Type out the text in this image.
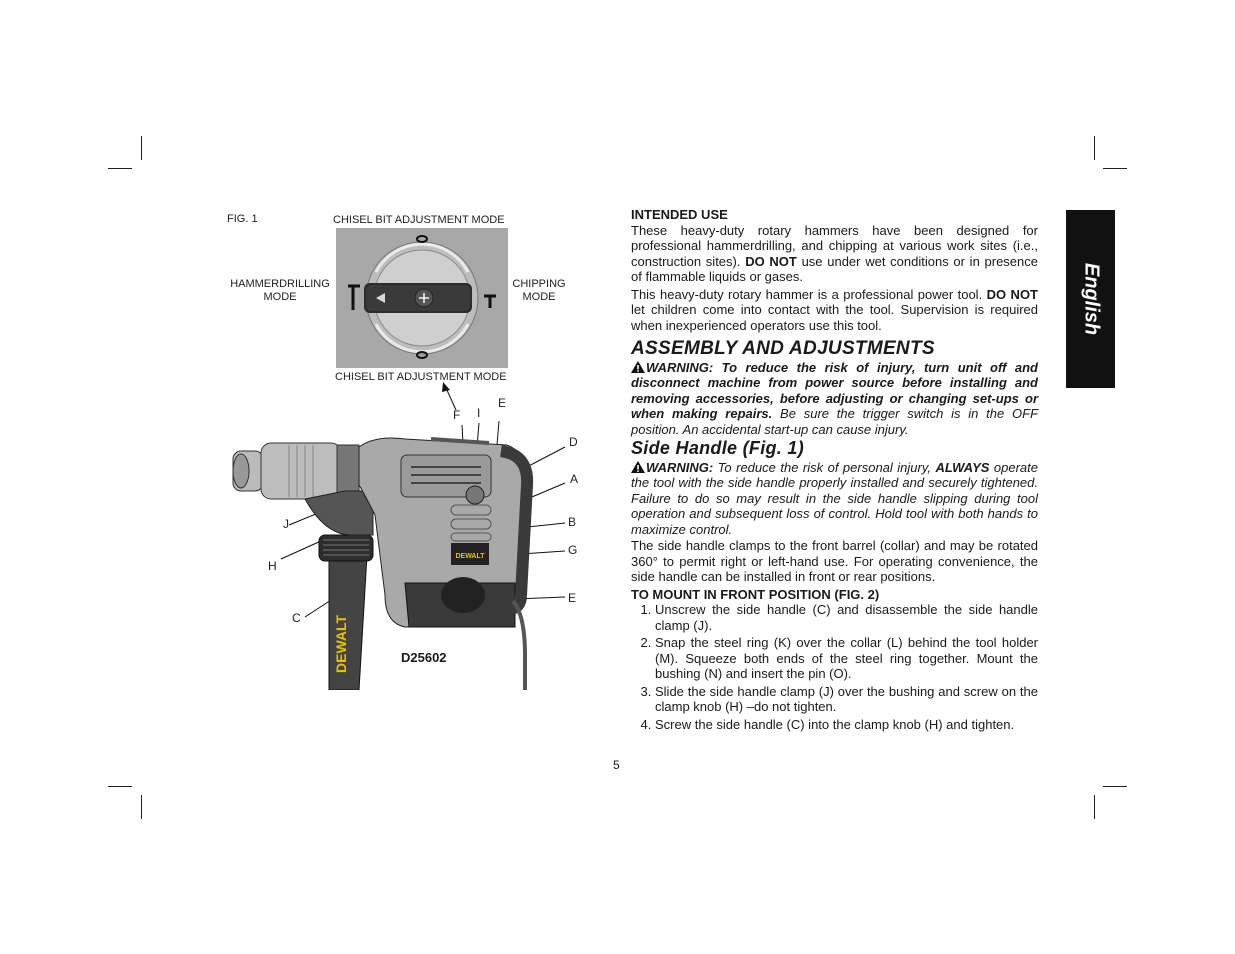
FIG. 1	CHISEL BIT ADJUSTMENT MODE
HAMMERDRILLING
MODE
CHIPPING
MODE
CHISEL BIT ADJUSTMENT MODE
DEWALT
DEWALT
F I
E
D
A
B
G
E
J
H
C
D25602
INTENDED USE

These heavy-duty rotary hammers have been designed for professional hammerdrilling, and chipping at various work sites (i.e., construction sites). DO NOT use under wet conditions or in presence of flammable liquids or gases.

This heavy-duty rotary hammer is a professional power tool. DO NOT let children come into contact with the tool. Supervision is required when inexperienced operators use this tool.

ASSEMBLY AND ADJUSTMENTS

WARNING: To reduce the risk of injury, turn unit off and disconnect machine from power source before installing and removing accessories, before adjusting or changing set-ups or when making repairs. Be sure the trigger switch is in the OFF position. An accidental start-up can cause injury.

Side Handle (Fig. 1)

WARNING: To reduce the risk of personal injury, ALWAYS operate the tool with the side handle properly installed and securely tightened. Failure to do so may result in the side handle slipping during tool operation and subsequent loss of control. Hold tool with both hands to maximize control.

The side handle clamps to the front barrel (collar) and may be rotated 360° to permit right or left-hand use. For operating convenience, the side handle can be installed in front or rear positions.

TO MOUNT IN FRONT POSITION (FIG. 2)
1. Unscrew the side handle (C) and disassemble the side handle clamp (J).
2. Snap the steel ring (K) over the collar (L) behind the tool holder (M). Squeeze both ends of the steel ring together. Mount the bushing (N) and insert the pin (O).
3. Slide the side handle clamp (J) over the bushing and screw on the clamp knob (H) –do not tighten.
4. Screw the side handle (C) into the clamp knob (H) and tighten.
English
5
